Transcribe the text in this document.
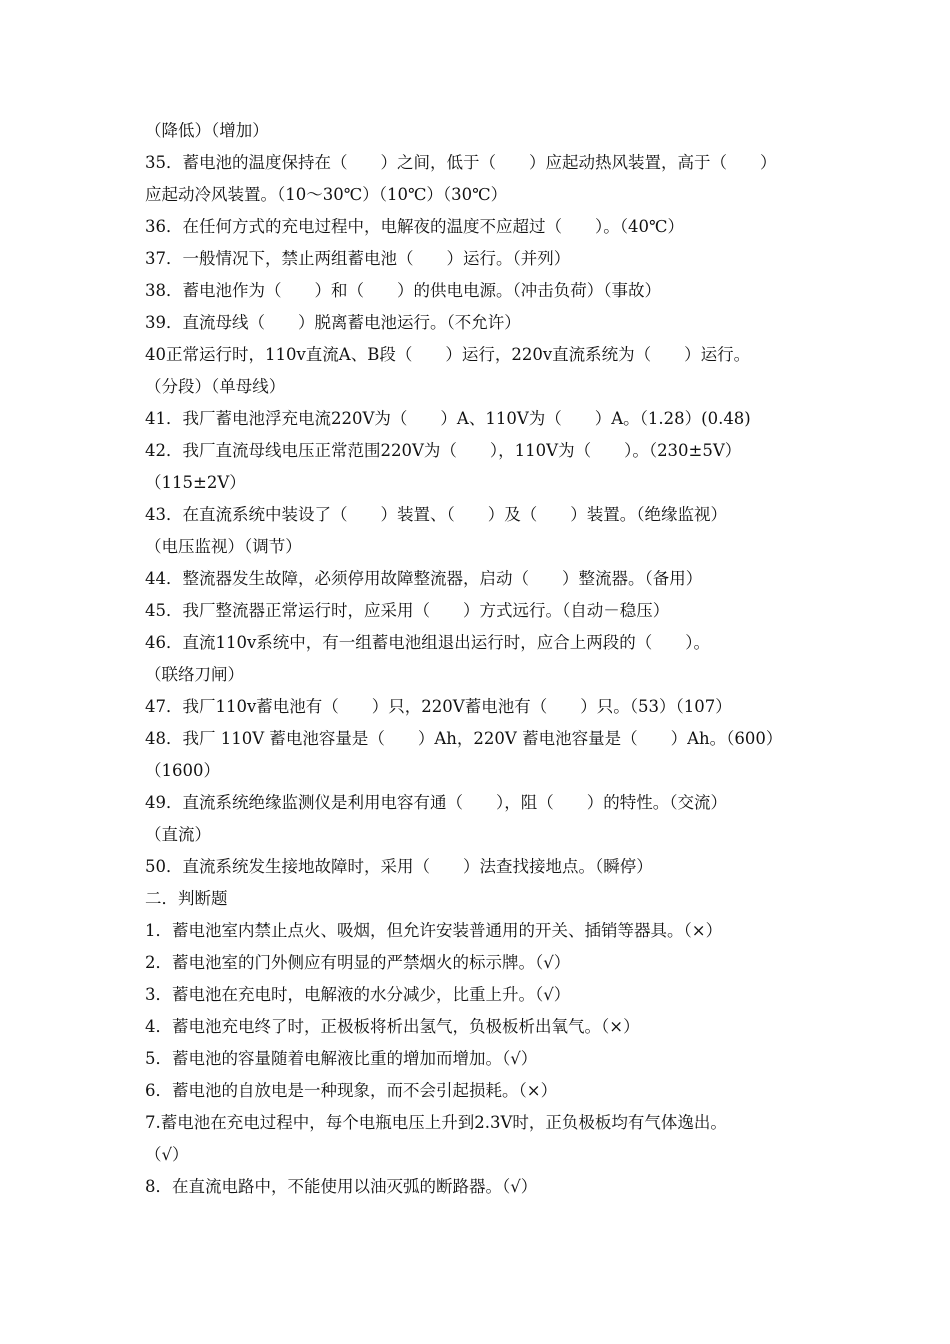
（降低）（增加）
35．蓄电池的温度保持在（　　）之间，低于（　　）应起动热风装置，高于（　　）
应起动冷风装置。（10～30℃）（10℃）（30℃）
36．在任何方式的充电过程中，电解夜的温度不应超过（　　）。（40℃）
37．一般情况下，禁止两组蓄电池（　　）运行。（并列）
38．蓄电池作为（　　）和（　　）的供电电源。（冲击负荷）（事故）
39．直流母线（　　）脱离蓄电池运行。（不允许）
40正常运行时，110v直流A、B段（　　）运行，220v直流系统为（　　）运行。
（分段）（单母线）
41．我厂蓄电池浮充电流220V为（　　）A、110V为（　　）A。（1.28）(0.48)
42．我厂直流母线电压正常范围220V为（　　），110V为（　　）。（230±5V）
（115±2V）
43．在直流系统中装设了（　　）装置、（　　）及（　　）装置。（绝缘监视）
（电压监视）（调节）
44．整流器发生故障，必须停用故障整流器，启动（　　）整流器。（备用）
45．我厂整流器正常运行时，应采用（　　）方式远行。（自动－稳压）
46．直流110v系统中，有一组蓄电池组退出运行时，应合上两段的（　　）。
（联络刀闸）
47．我厂110v蓄电池有（　　）只，220V蓄电池有（　　）只。（53）（107）
48．我厂 110V 蓄电池容量是（　　）Ah，220V 蓄电池容量是（　　）Ah。（600）
（1600）
49．直流系统绝缘监测仪是利用电容有通（　　），阻（　　）的特性。（交流）
（直流）
50．直流系统发生接地故障时，采用（　　）法查找接地点。（瞬停）
二．判断题
1．蓄电池室内禁止点火、吸烟，但允许安装普通用的开关、插销等器具。（×）
2．蓄电池室的门外侧应有明显的严禁烟火的标示牌。（√）
3．蓄电池在充电时，电解液的水分减少，比重上升。（√）
4．蓄电池充电终了时，正极板将析出氢气，负极板析出氧气。（×）
5．蓄电池的容量随着电解液比重的增加而增加。（√）
6．蓄电池的自放电是一种现象，而不会引起损耗。（×）
7.蓄电池在充电过程中，每个电瓶电压上升到2.3V时，正负极板均有气体逸出。
（√）
8．在直流电路中，不能使用以油灭弧的断路器。（√）
